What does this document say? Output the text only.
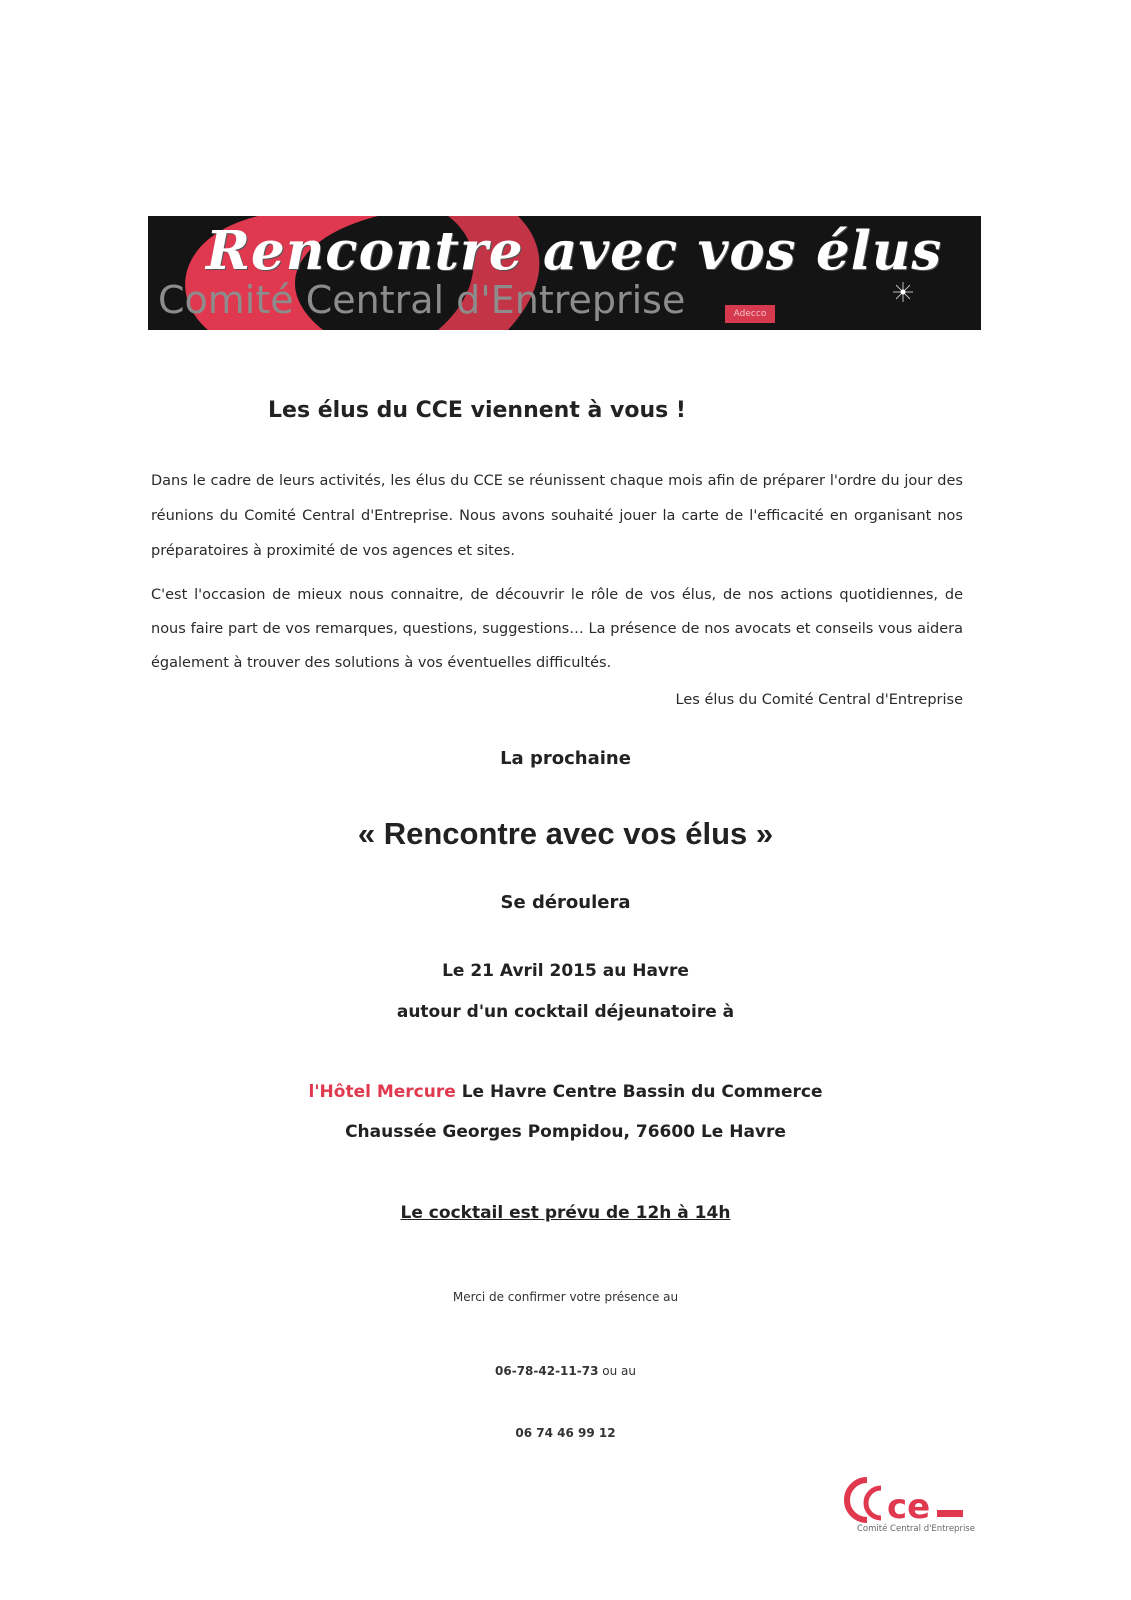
Rencontre avec vos élus
Comité Central d'Entreprise	Adecco
Les élus du CCE viennent à vous !
Dans le cadre de leurs activités, les élus du CCE se réunissent chaque mois afin de préparer l'ordre du jour des réunions du Comité Central d'Entreprise. Nous avons souhaité jouer la carte de l'efficacité en organisant nos préparatoires à proximité de vos agences et sites.
C'est l'occasion de mieux nous connaitre, de découvrir le rôle de vos élus, de nos actions quotidiennes, de nous faire part de vos remarques, questions, suggestions… La présence de nos avocats et conseils vous aidera également à trouver des solutions à vos éventuelles difficultés.
Les élus du Comité Central d'Entreprise
La prochaine
« Rencontre avec vos élus »
Se déroulera
Le 21 Avril 2015 au Havre
autour d'un cocktail déjeunatoire à
l'Hôtel Mercure Le Havre Centre Bassin du Commerce
Chaussée Georges Pompidou, 76600 Le Havre
Le cocktail est prévu de 12h à 14h
Merci de confirmer votre présence au
06-78-42-11-73 ou au
06 74 46 99 12
ce
Comité Central d'Entreprise
